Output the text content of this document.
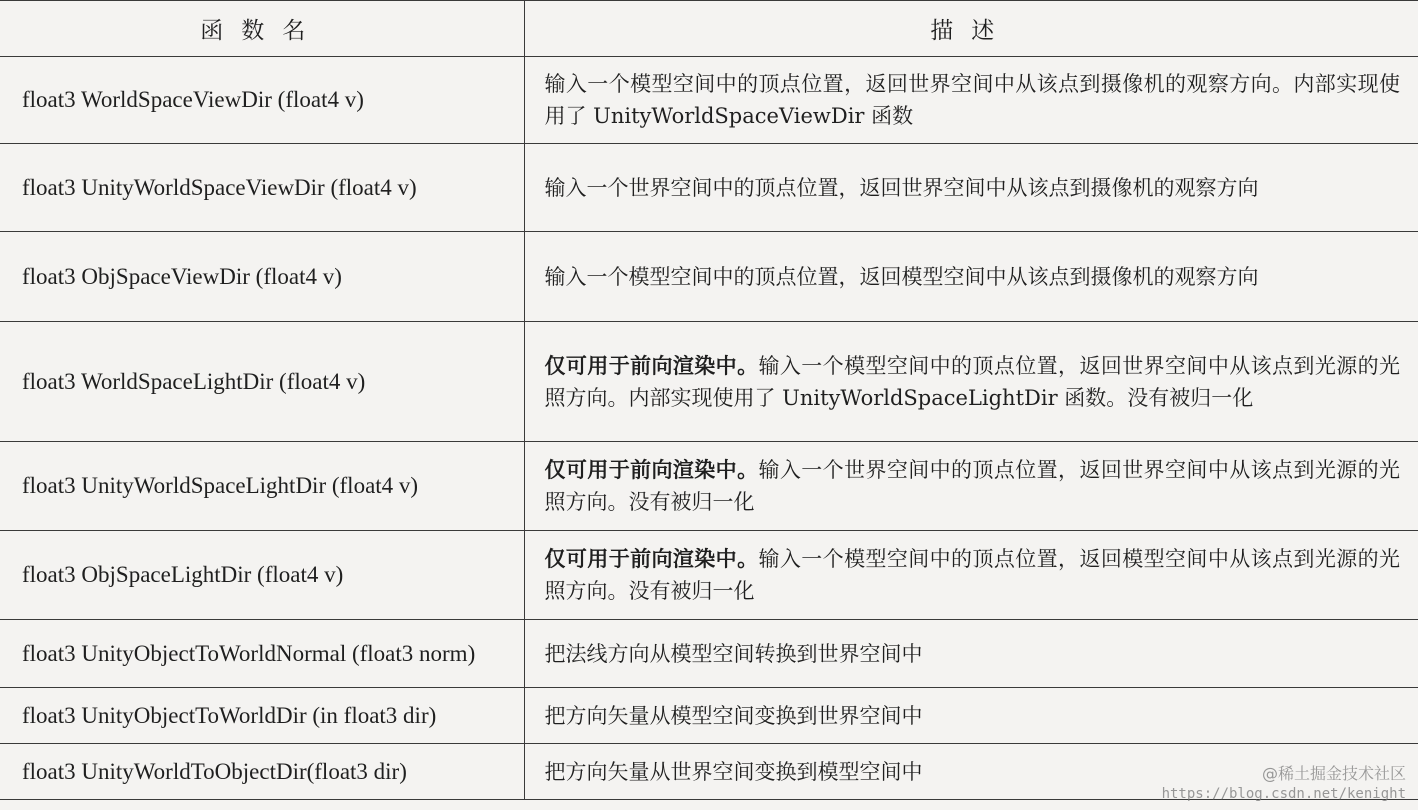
函数名	描述
float3 WorldSpaceViewDir (float4 v)	输入一个模型空间中的顶点位置，返回世界空间中从该点到摄像机的观察方向。内部实现使用了 UnityWorldSpaceViewDir 函数
float3 UnityWorldSpaceViewDir (float4 v)	输入一个世界空间中的顶点位置，返回世界空间中从该点到摄像机的观察方向
float3 ObjSpaceViewDir (float4 v)	输入一个模型空间中的顶点位置，返回模型空间中从该点到摄像机的观察方向
float3 WorldSpaceLightDir (float4 v)	仅可用于前向渲染中。输入一个模型空间中的顶点位置，返回世界空间中从该点到光源的光照方向。内部实现使用了 UnityWorldSpaceLightDir 函数。没有被归一化
float3 UnityWorldSpaceLightDir (float4 v)	仅可用于前向渲染中。输入一个世界空间中的顶点位置，返回世界空间中从该点到光源的光照方向。没有被归一化
float3 ObjSpaceLightDir (float4 v)	仅可用于前向渲染中。输入一个模型空间中的顶点位置，返回模型空间中从该点到光源的光照方向。没有被归一化
float3 UnityObjectToWorldNormal (float3 norm)	把法线方向从模型空间转换到世界空间中
float3 UnityObjectToWorldDir (in float3 dir)	把方向矢量从模型空间变换到世界空间中
float3 UnityWorldToObjectDir(float3 dir)	把方向矢量从世界空间变换到模型空间中	@稀土掘金技术社区
https://blog.csdn.net/kenight
